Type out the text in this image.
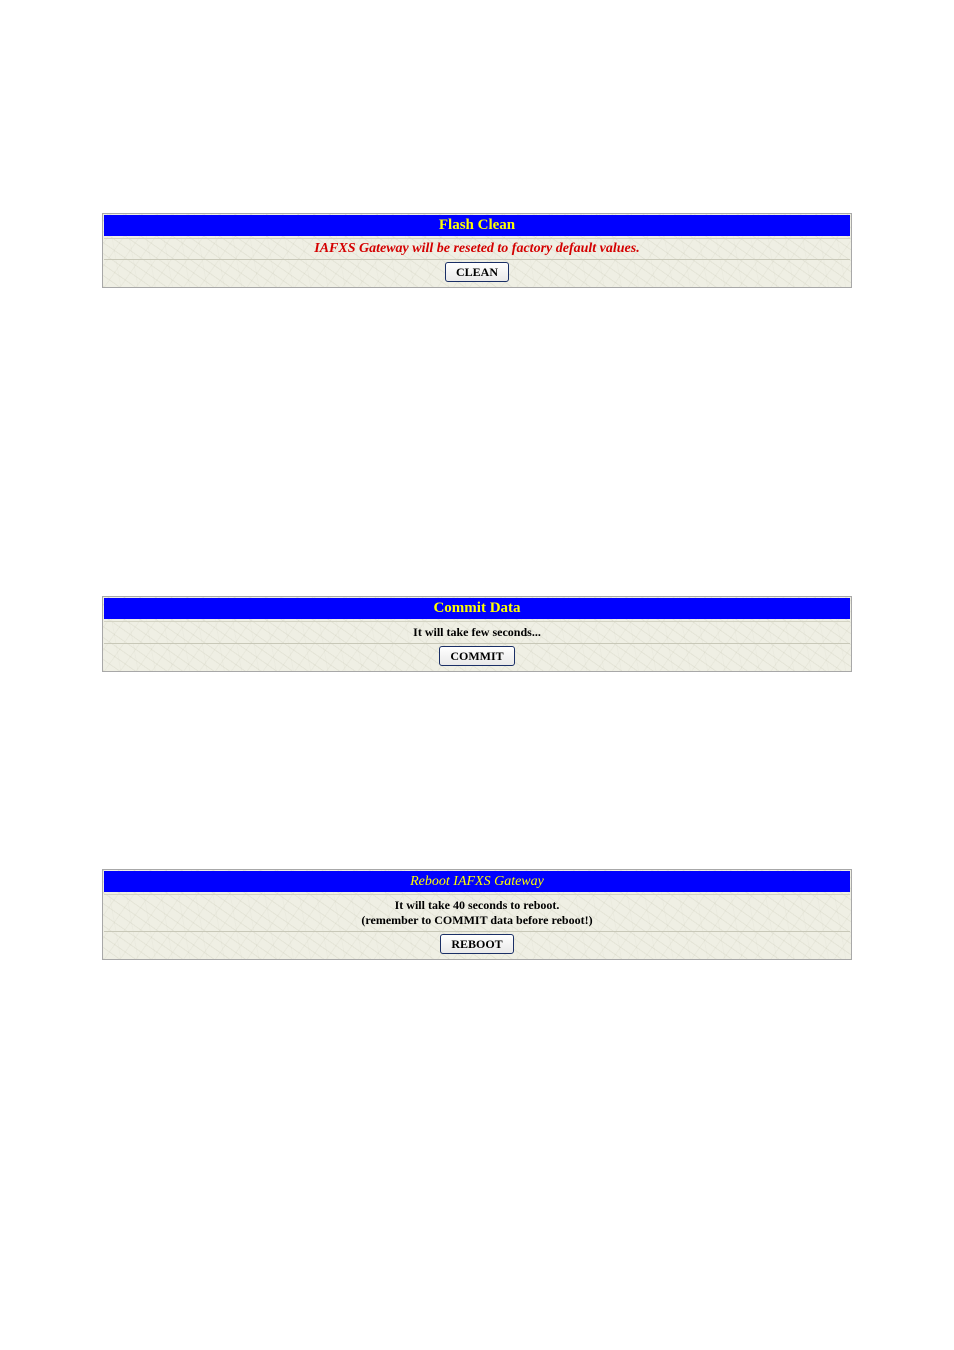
Flash Clean
IAFXS Gateway will be reseted to factory default values.
CLEAN
Commit Data
It will take few seconds...
COMMIT
Reboot IAFXS Gateway
It will take 40 seconds to reboot.
(remember to COMMIT data before reboot!)
REBOOT
